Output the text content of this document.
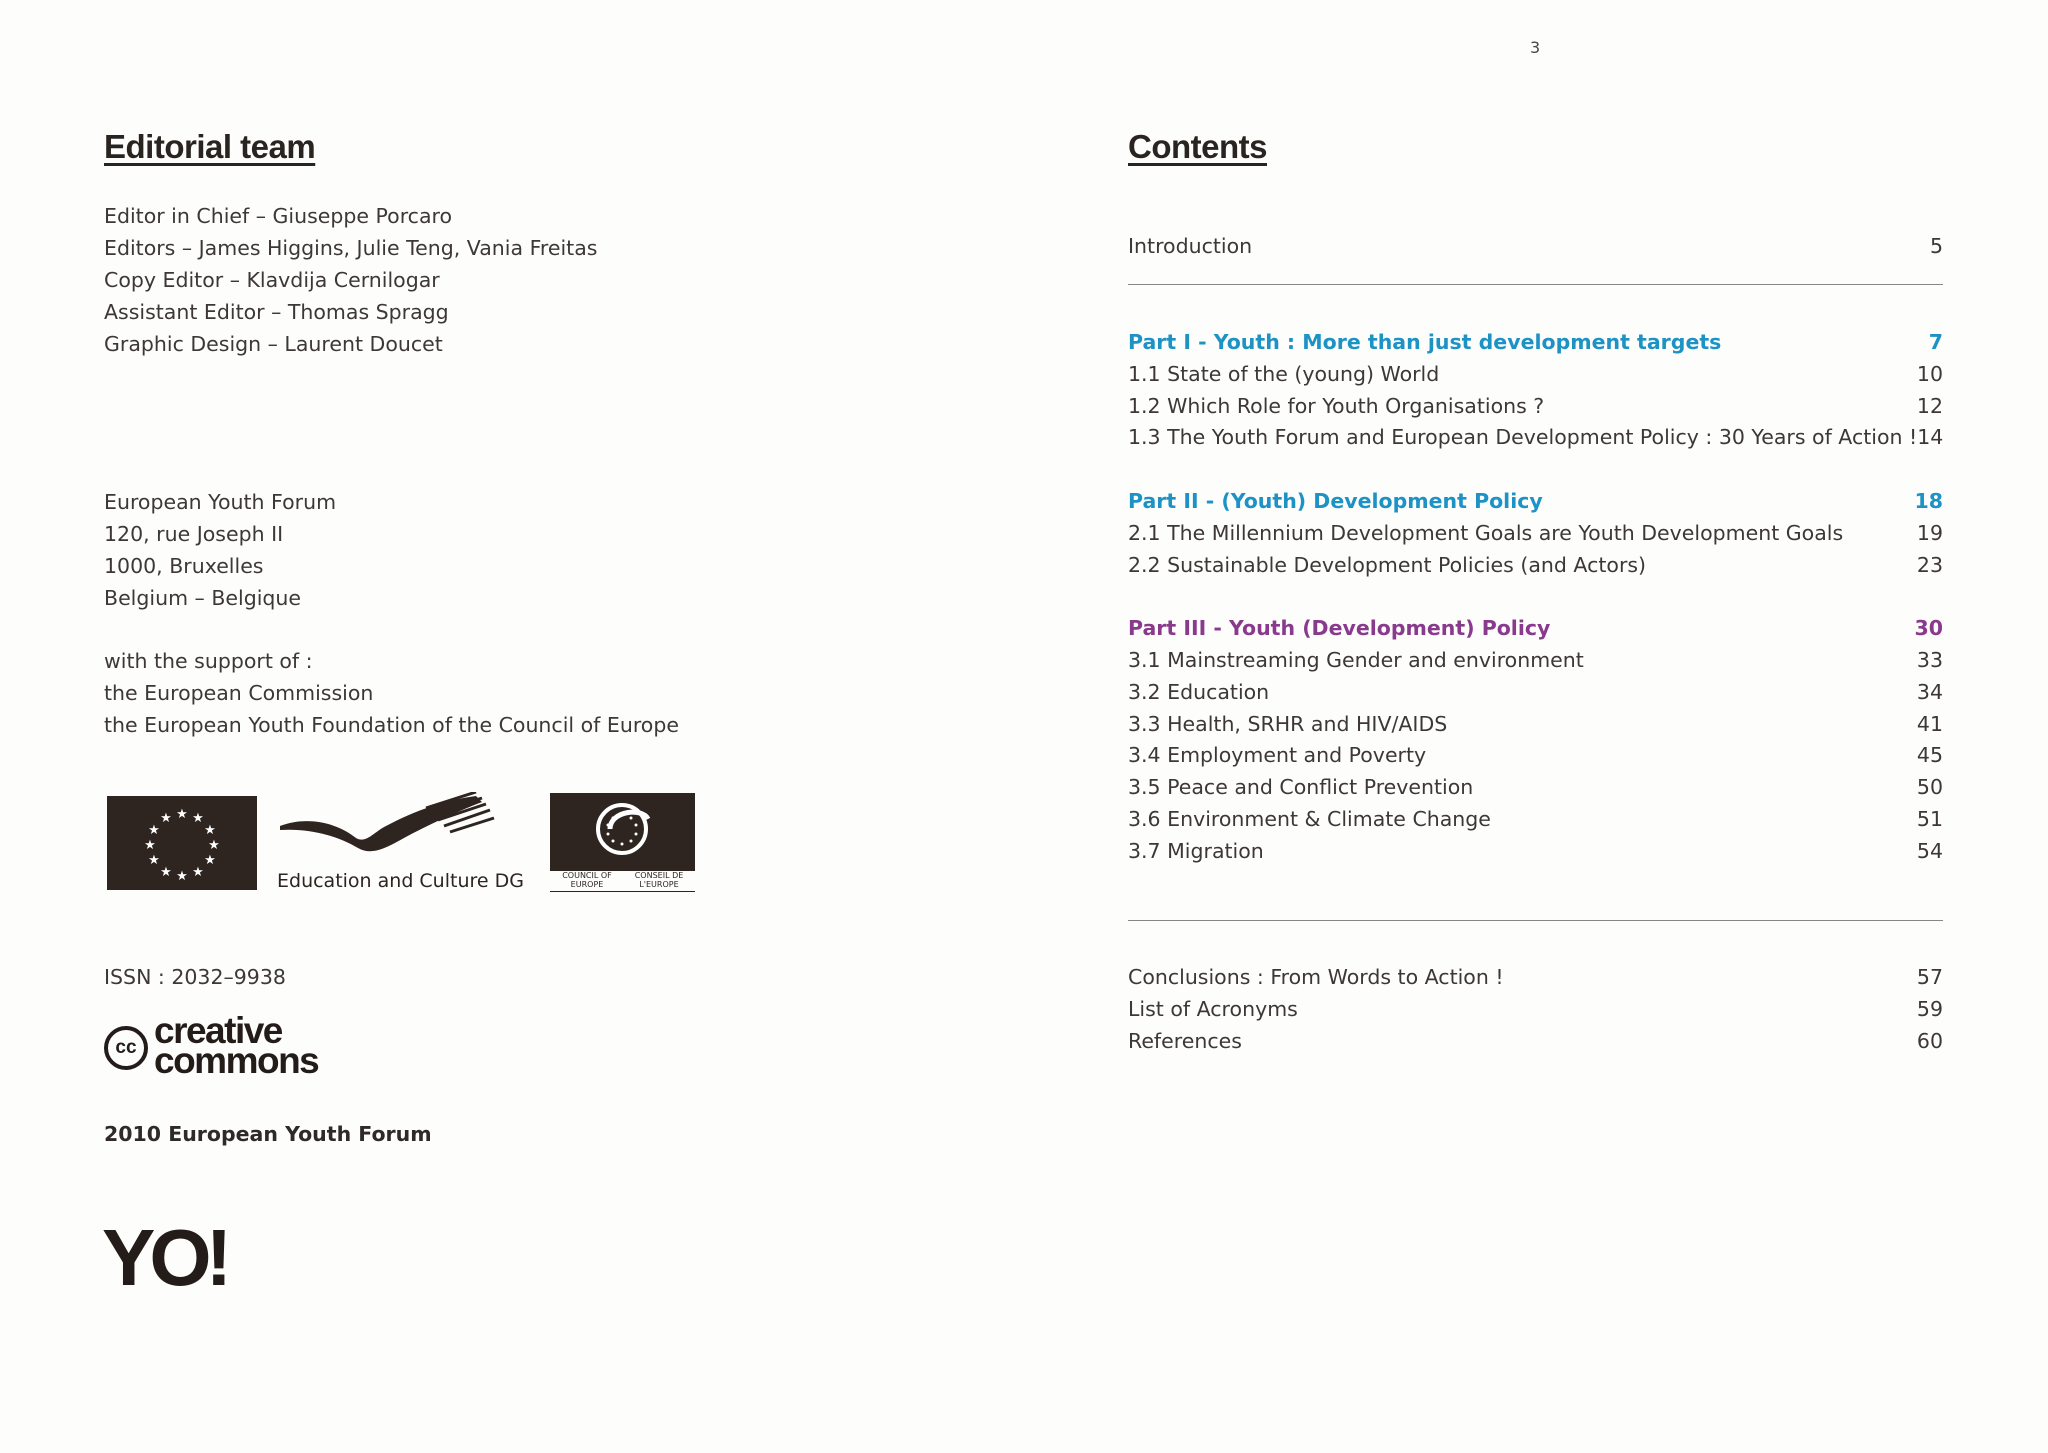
3
Editorial team
Editor in Chief – Giuseppe Porcaro
Editors – James Higgins, Julie Teng, Vania Freitas
Copy Editor – Klavdija Cernilogar
Assistant Editor – Thomas Spragg
Graphic Design – Laurent Doucet
European Youth Forum
120, rue Joseph II
1000, Bruxelles
Belgium – Belgique
with the support of :
the European Commission
the European Youth Foundation of the Council of Europe
★ ★
★
★
★
★
★
★
★
★
★
★
Education and Culture DG	COUNCIL OF EUROPE
CONSEIL DE L'EUROPE
ISSN : 2032–9938
cc creative
commons
2010 European Youth Forum
YO!
Contents
Introduction	5
Part I - Youth : More than just development targets	7
1.1 State of the (young) World	10
1.2 Which Role for Youth Organisations ?	12
1.3 The Youth Forum and European Development Policy : 30 Years of Action ! 14
Part II - (Youth) Development Policy	18
2.1 The Millennium Development Goals are Youth Development Goals	19
2.2 Sustainable Development Policies (and Actors)	23
Part III - Youth (Development) Policy	30
3.1 Mainstreaming Gender and environment	33
3.2 Education	34
3.3 Health, SRHR and HIV/AIDS	41
3.4 Employment and Poverty	45
3.5 Peace and Conflict Prevention	50
3.6 Environment & Climate Change	51
3.7 Migration	54
Conclusions : From Words to Action !	57
List of Acronyms	59
References	60
